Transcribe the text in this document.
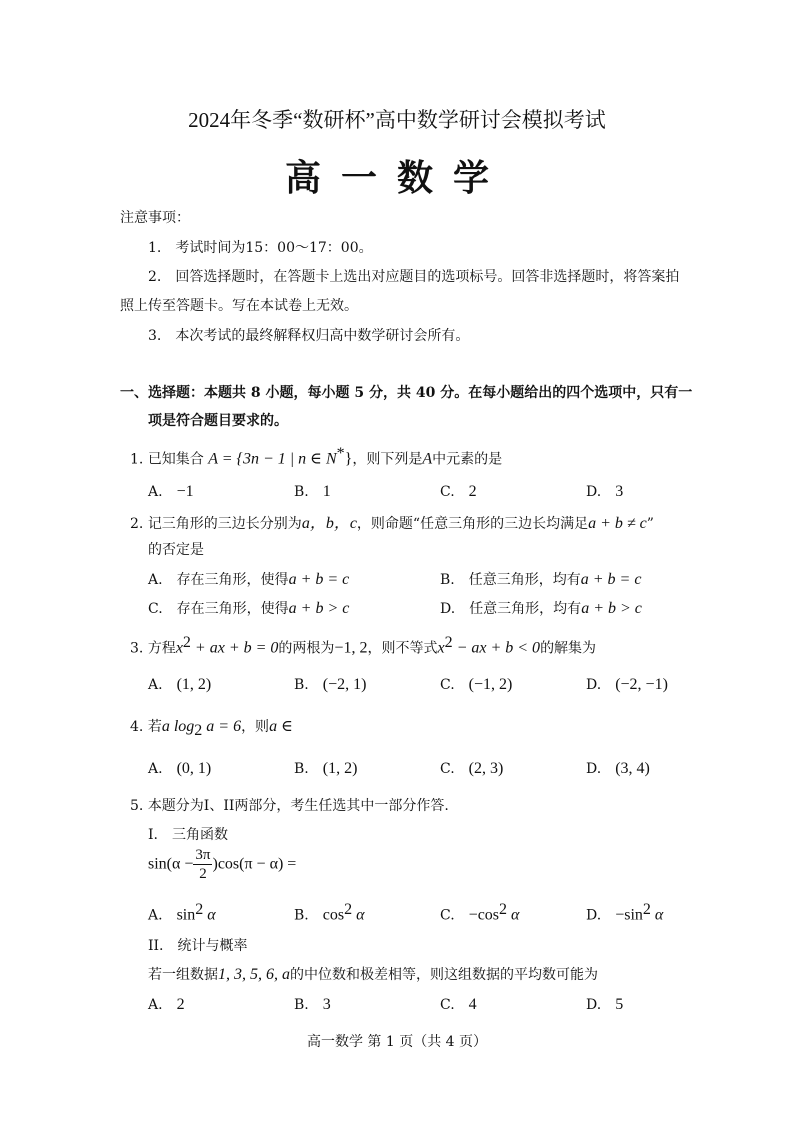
2024年冬季“数研杯”高中数学研讨会模拟考试
高一数学
注意事项：
1.　考试时间为15：00～17：00。
2.　回答选择题时，在答题卡上选出对应题目的选项标号。回答非选择题时，将答案拍
照上传至答题卡。写在本试卷上无效。
3.　本次考试的最终解释权归高中数学研讨会所有。
一、选择题：本题共 8 小题，每小题 5 分，共 40 分。在每小题给出的四个选项中，只有一
项是符合题目要求的。
1. 已知集合 A = {3n − 1 | n ∈ N*}，则下列是A中元素的是
A.　 −1	B.　 1	C.　 2	D.　 3
2. 记三角形的三边长分别为a，b，c，则命题“任意三角形的三边长均满足a + b ≠ c”
的否定是
A.　 存在三角形，使得a + b = c	B.　 任意三角形，均有a + b = c
C.　 存在三角形，使得a + b > c	D.　 任意三角形，均有a + b > c
3. 方程$x^2$ + ax + b = 0的两根为−1, 2，则不等式$x^2$ − ax + b < 0的解集为
A.　 (1, 2)	B.　 (−2, 1)	C.　 (−1, 2)	D.　 (−2, −1)
4. 若a $\log_2 a = 6$，则a ∈
A.　 (0, 1)	B.　 (1, 2)	C.　 (2, 3)	D.　 (3, 4)
5. 本题分为I、II两部分，考生任选其中一部分作答.
I.　三角函数
$\sin(\alpha - \frac{3\pi}{2} )\cos(\pi - \alpha)$ =
A.　 $\sin^2 \alpha$	B.　 $\cos^2 \alpha$	C.　 $-\cos^2$ α	D.　 $-\sin^2$ α
II.　统计与概率
若一组数据1, 3, 5, 6, a的中位数和极差相等，则这组数据的平均数可能为
A.　 2	B.　 3	C.　 4	D.　 5
高一数学 第 1 页（共 4 页）
